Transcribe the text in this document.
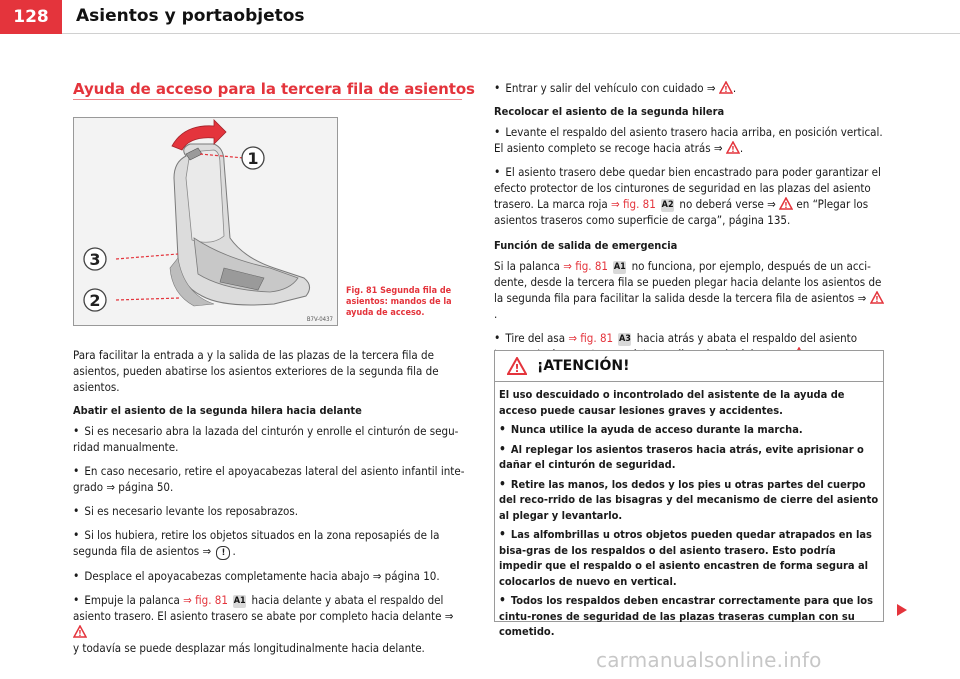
128	Asientos y portaobjetos
Ayuda de acceso para la tercera fila de asientos
1
3
2
B7V-0437
Fig. 81 Segunda fila de asientos: mandos de la ayuda de acceso.

Para facilitar la entrada a y la salida de las plazas de la tercera fila de asientos, pueden abatirse los asientos exteriores de la segunda fila de asientos.

Abatir el asiento de la segunda hilera hacia delante

• Si es necesario abra la lazada del cinturón y enrolle el cinturón de segu-ridad manualmente.

• En caso necesario, retire el apoyacabezas lateral del asiento infantil inte-grado ⇒ página 50.

• Si es necesario levante los reposabrazos.

• Si los hubiera, retire los objetos situados en la zona reposapiés de la segunda fila de asientos ⇒ ! .

• Desplace el apoyacabezas completamente hacia abajo ⇒ página 10.

• Empuje la palanca ⇒ fig. 81 A1 hacia delante y abata el respaldo del asiento trasero. El asiento trasero se abate por completo hacia delante ⇒
!

y todavía se puede desplazar más longitudinalmente hacia delante.

• Entrar y salir del vehículo con cuidado ⇒ ! .

Recolocar el asiento de la segunda hilera

• Levante el respaldo del asiento trasero hacia arriba, en posición vertical. El asiento completo se recoge hacia atrás ⇒ ! .

• El asiento trasero debe quedar bien encastrado para poder garantizar el efecto protector de los cinturones de seguridad en las plazas del asiento trasero. La marca roja ⇒ fig. 81 A2 no deberá verse ⇒ ! en “Plegar los asientos traseros como superficie de carga”, página 135.

Función de salida de emergencia

Si la palanca ⇒ fig. 81 A1 no funciona, por ejemplo, después de un acci-dente, desde la tercera fila se pueden plegar hacia delante los asientos de la segunda fila para facilitar la salida desde la tercera fila de asientos ⇒ !
.

• Tire del asa ⇒ fig. 81 A3 hacia atrás y abata el respaldo del asiento

! ¡ATENCIÓN!

El uso descuidado o incontrolado del asistente de la ayuda de acceso puede causar lesiones graves y accidentes.

• Nunca utilice la ayuda de acceso durante la marcha.

• Al replegar los asientos traseros hacia atrás, evite aprisionar o dañar el cinturón de seguridad.

• Retire las manos, los dedos y los pies u otras partes del cuerpo del reco-rrido de las bisagras y del mecanismo de cierre del asiento al plegar y levantarlo.

• Las alfombrillas u otros objetos pueden quedar atrapados en las bisa-gras de los respaldos o del asiento trasero. Esto podría impedir que el respaldo o el asiento encastren de forma segura al colocarlos de nuevo en vertical.

• Todos los respaldos deben encastrar correctamente para que los cintu-rones de seguridad de las plazas traseras cumplan con su cometido.

carmanualsonline.info
